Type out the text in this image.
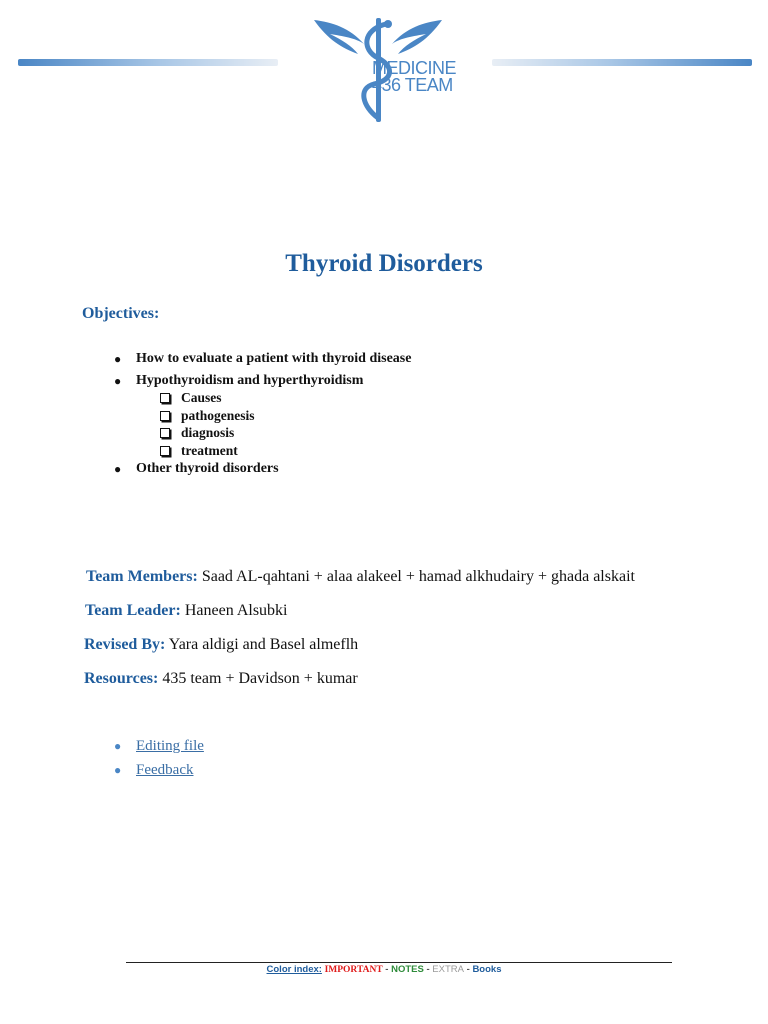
MEDICINE
436 TEAM
Thyroid Disorders
Objectives:
● How to evaluate a patient with thyroid disease
● Hypothyroidism and hyperthyroidism
Causes
pathogenesis
diagnosis
treatment
● Other thyroid disorders
Team Members: Saad AL-qahtani + alaa alakeel + hamad alkhudairy + ghada alskait
Team Leader: Haneen Alsubki
Revised By: Yara aldigi and Basel almeflh
Resources: 435 team + Davidson + kumar
● Editing file
● Feedback
Color index: IMPORTANT - NOTES - EXTRA - Books
